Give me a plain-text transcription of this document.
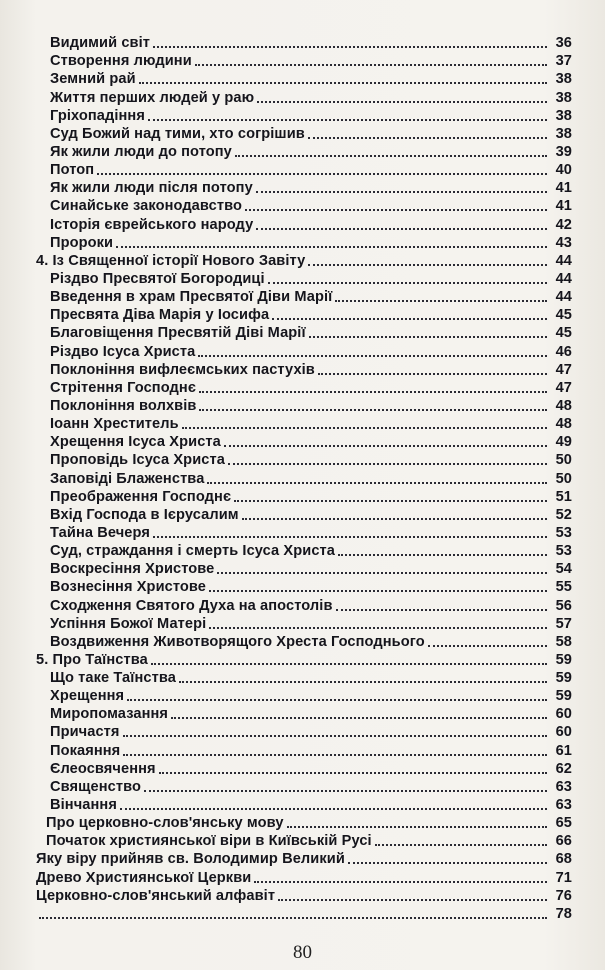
Видимий світ	36
Створення людини	37
Земний рай	38
Життя перших людей у раю	38
Гріхопадіння	38
Суд Божий над тими, хто согрішив	38
Як жили люди до потопу	39
Потоп	40
Як жили люди після потопу	41
Синайське законодавство	41
Історія єврейського народу	42
Пророки	43
4. Із Священної історії Нового Завіту	44
Різдво Пресвятої Богородиці	44
Введення в храм Пресвятої Діви Марії	44
Пресвята Діва Марія у Іосифа	45
Благовіщення Пресвятій Діві Марії	45
Різдво Ісуса Христа	46
Поклоніння вифлеємських пастухів	47
Стрітення Господнє	47
Поклоніння волхвів	48
Іоанн Хреститель	48
Хрещення Ісуса Христа	49
Проповідь Ісуса Христа	50
Заповіді Блаженства	50
Преображення Господнє	51
Вхід Господа в Ієрусалим	52
Тайна Вечеря	53
Суд, страждання і смерть Ісуса Христа	53
Воскресіння Христове	54
Вознесіння Христове	55
Сходження Святого Духа на апостолів	56
Успіння Божої Матері	57
Воздвиження Животворящого Хреста Господнього	58
5. Про Таїнства	59
Що таке Таїнства	59
Хрещення	59
Миропомазання	60
Причастя	60
Покаяння	61
Єлеосвячення	62
Священство	63
Вінчання	63
Про церковно-слов'янську мову	65
Початок християнської віри в Київській Русі	66
Яку віру прийняв св. Володимир Великий	68
Древо Християнської Церкви	71
Церковно-слов'янський алфавіт	76
78
80
